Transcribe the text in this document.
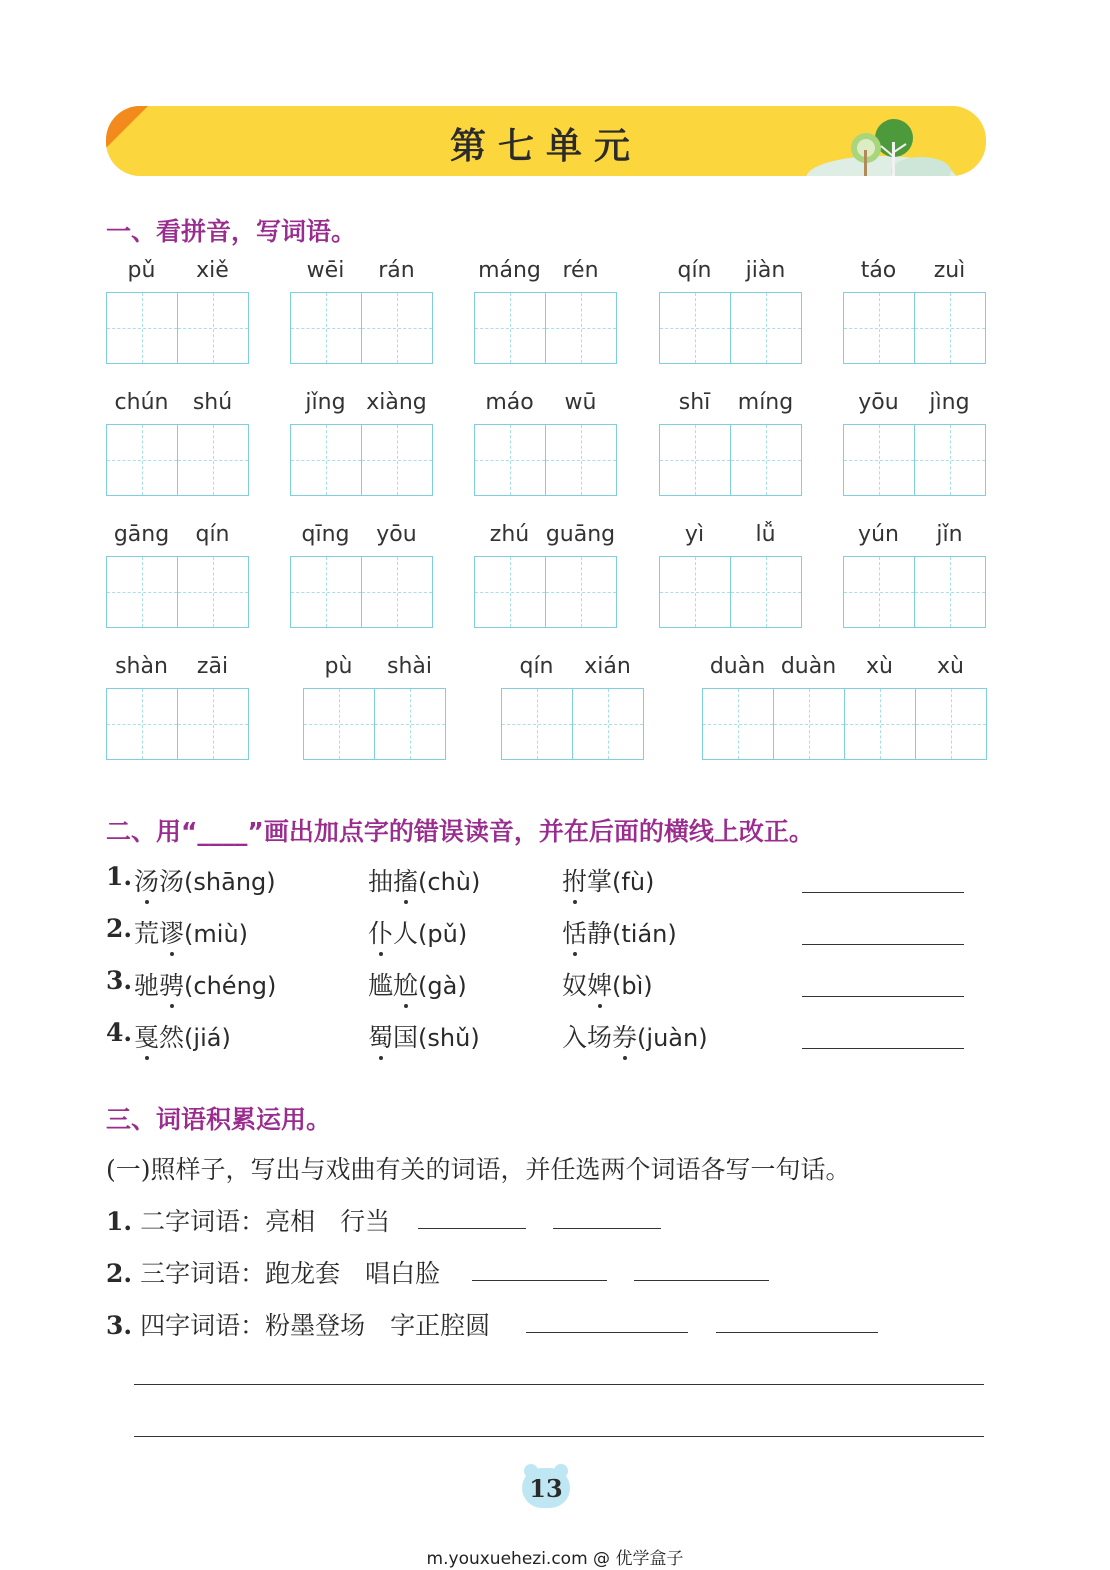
第七单元
一、看拼音，写词语。
pǔ	xiě	wēi	rán	máng rén	qín	jiàn	táo	zuì
chún	shú	jǐng xiàng	máo	wū	shī	míng	yōu	jìng
gāng	qín	qīng	yōu	zhú guāng	yì	lǚ	yún	jǐn
shàn	zāi	pù	shài	qín	xián	duàn duàn	xù	xù
二、用“____”画出加点字的错误读音，并在后面的横线上改正。
1. 汤汤(shāng)	抽搐(chù)	拊掌(fù)
2. 荒谬(miù)	仆人(pǔ)	恬静(tián)
3. 驰骋(chéng)	尴尬(gà)	奴婢(bì)
4. 戛然(jiá)	蜀国(shǔ)	入场券(juàn)
三、词语积累运用。
(一)照样子，写出与戏曲有关的词语，并任选两个词语各写一句话。
1. 二字词语：亮相　行当
2. 三字词语：跑龙套　唱白脸
3. 四字词语：粉墨登场　字正腔圆
13
m.youxuehezi.com @ 优学盒子
